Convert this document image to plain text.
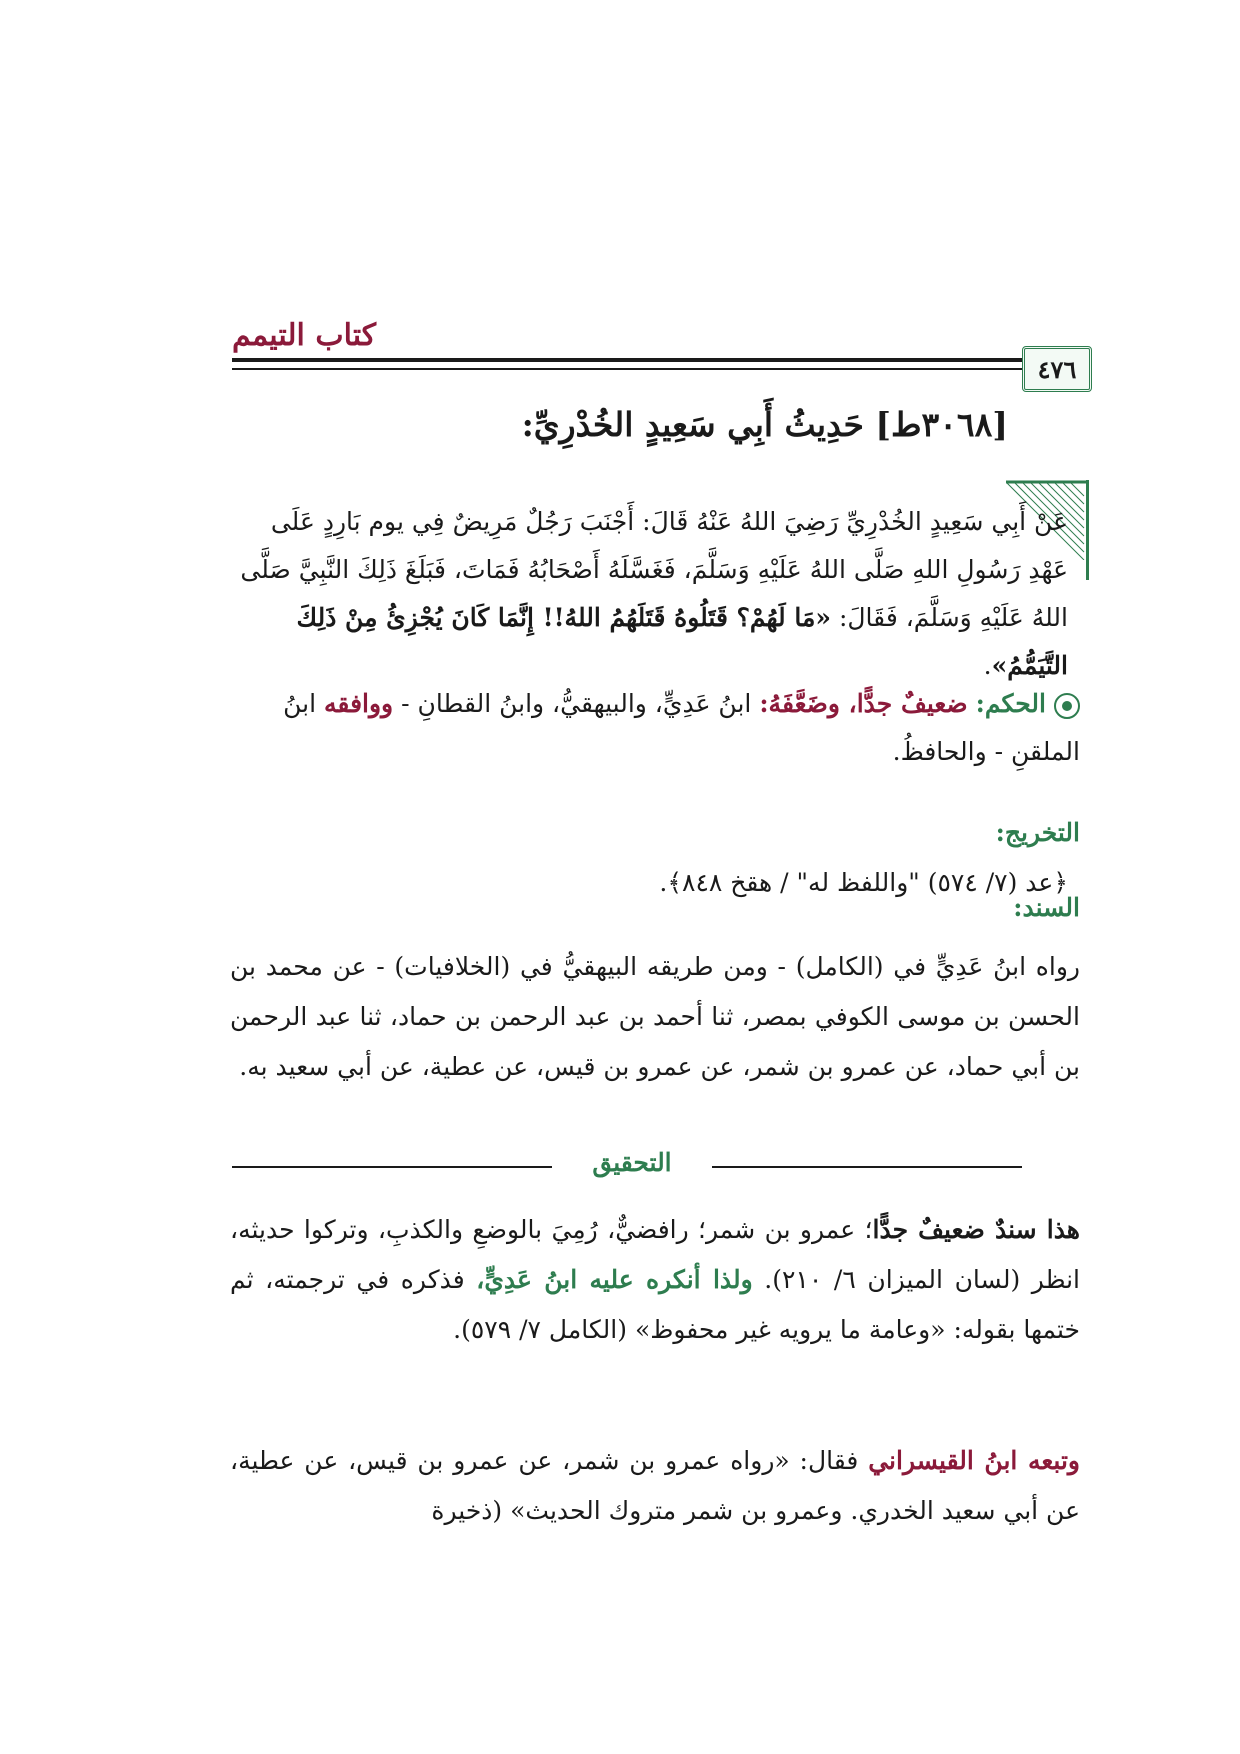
كتاب التيمم
٤٧٦
[٣٠٦٨ط] حَدِيثُ أَبِي سَعِيدٍ الخُدْرِيِّ:
عَنْ أَبِي سَعِيدٍ الخُدْرِيِّ رَضِيَ اللهُ عَنْهُ قَالَ: أَجْنَبَ رَجُلٌ مَرِيضٌ فِي يوم بَارِدٍ عَلَى عَهْدِ رَسُولِ اللهِ صَلَّى اللهُ عَلَيْهِ وَسَلَّمَ، فَغَسَّلَهُ أَصْحَابُهُ فَمَاتَ، فَبَلَغَ ذَلِكَ النَّبِيَّ صَلَّى اللهُ عَلَيْهِ وَسَلَّمَ، فَقَالَ: «مَا لَهُمْ؟ قَتَلُوهُ قَتَلَهُمُ اللهُ!! إِنَّمَا كَانَ يُجْزِئُ مِنْ ذَلِكَ التَّيَمُّمُ».
الحكم: ضعيفٌ جدًّا، وضَعَّفَهُ: ابنُ عَدِيٍّ، والبيهقيُّ، وابنُ القطانِ - ووافقه ابنُ الملقنِ - والحافظُ.
التخريج:
﴿عد (٧/ ٥٧٤) "واللفظ له" / هقخ ٨٤٨﴾.
السند:
رواه ابنُ عَدِيٍّ في (الكامل) - ومن طريقه البيهقيُّ في (الخلافيات) - عن محمد بن الحسن بن موسى الكوفي بمصر، ثنا أحمد بن عبد الرحمن بن حماد، ثنا عبد الرحمن بن أبي حماد، عن عمرو بن شمر، عن عمرو بن قيس، عن عطية، عن أبي سعيد به.
التحقيق
هذا سندٌ ضعيفٌ جدًّا؛ عمرو بن شمر؛ رافضيٌّ، رُمِيَ بالوضعِ والكذبِ، وتركوا حديثه، انظر (لسان الميزان ٦/ ٢١٠). ولذا أنكره عليه ابنُ عَدِيٍّ، فذكره في ترجمته، ثم ختمها بقوله: «وعامة ما يرويه غير محفوظ» (الكامل ٧/ ٥٧٩).
وتبعه ابنُ القيسراني فقال: «رواه عمرو بن شمر، عن عمرو بن قيس، عن عطية، عن أبي سعيد الخدري. وعمرو بن شمر متروك الحديث» (ذخيرة
